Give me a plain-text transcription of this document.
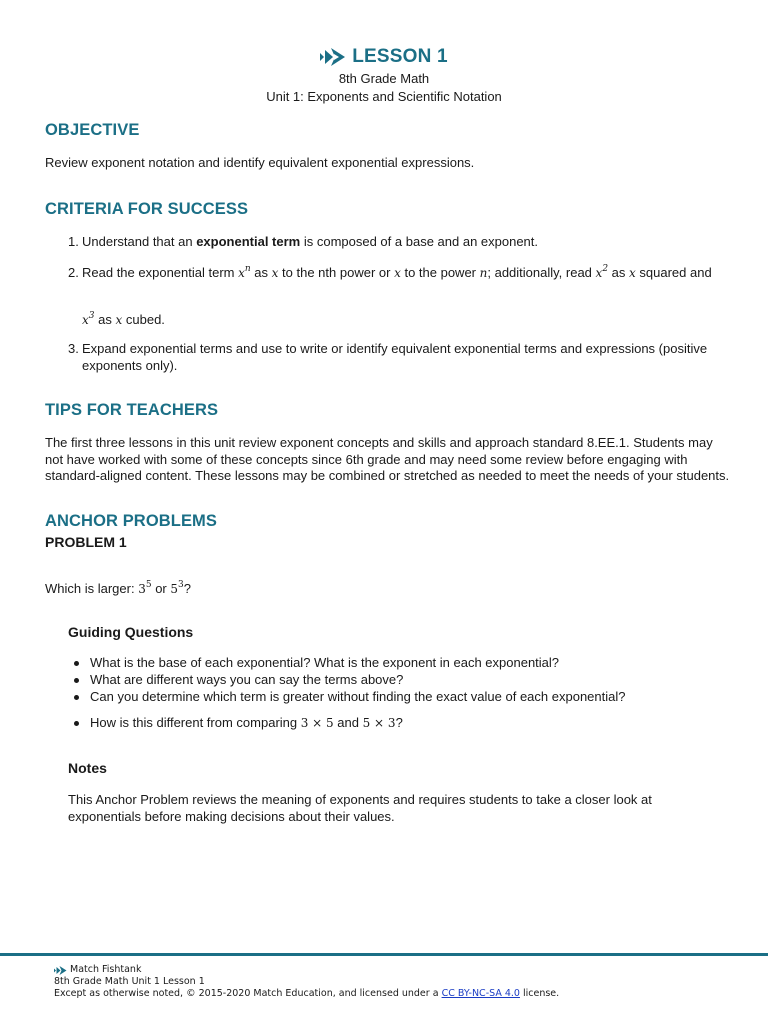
LESSON 1
8th Grade Math
Unit 1: Exponents and Scientific Notation
OBJECTIVE
Review exponent notation and identify equivalent exponential expressions.
CRITERIA FOR SUCCESS
1. Understand that an exponential term is composed of a base and an exponent.
2. Read the exponential term $x^n$ as x to the nth power or x to the power n; additionally, read $x^2$ as x squared and
$x^3$ as x cubed.
3. Expand exponential terms and use to write or identify equivalent exponential terms and expressions (positive exponents only).
TIPS FOR TEACHERS
The first three lessons in this unit review exponent concepts and skills and approach standard 8.EE.1. Students may not have worked with some of these concepts since 6th grade and may need some review before engaging with standard-aligned content. These lessons may be combined or stretched as needed to meet the needs of your students.
ANCHOR PROBLEMS
PROBLEM 1
Which is larger: $3^5$ or $5^3$?
Guiding Questions
What is the base of each exponential? What is the exponent in each exponential?
What are different ways you can say the terms above?
Can you determine which term is greater without finding the exact value of each exponential?
How is this different from comparing 3 × 5 and 5 × 3?
Notes
This Anchor Problem reviews the meaning of exponents and requires students to take a closer look at exponentials before making decisions about their values.
Match Fishtank
8th Grade Math Unit 1 Lesson 1
Except as otherwise noted, © 2015-2020 Match Education, and licensed under a CC BY-NC-SA 4.0 license.
